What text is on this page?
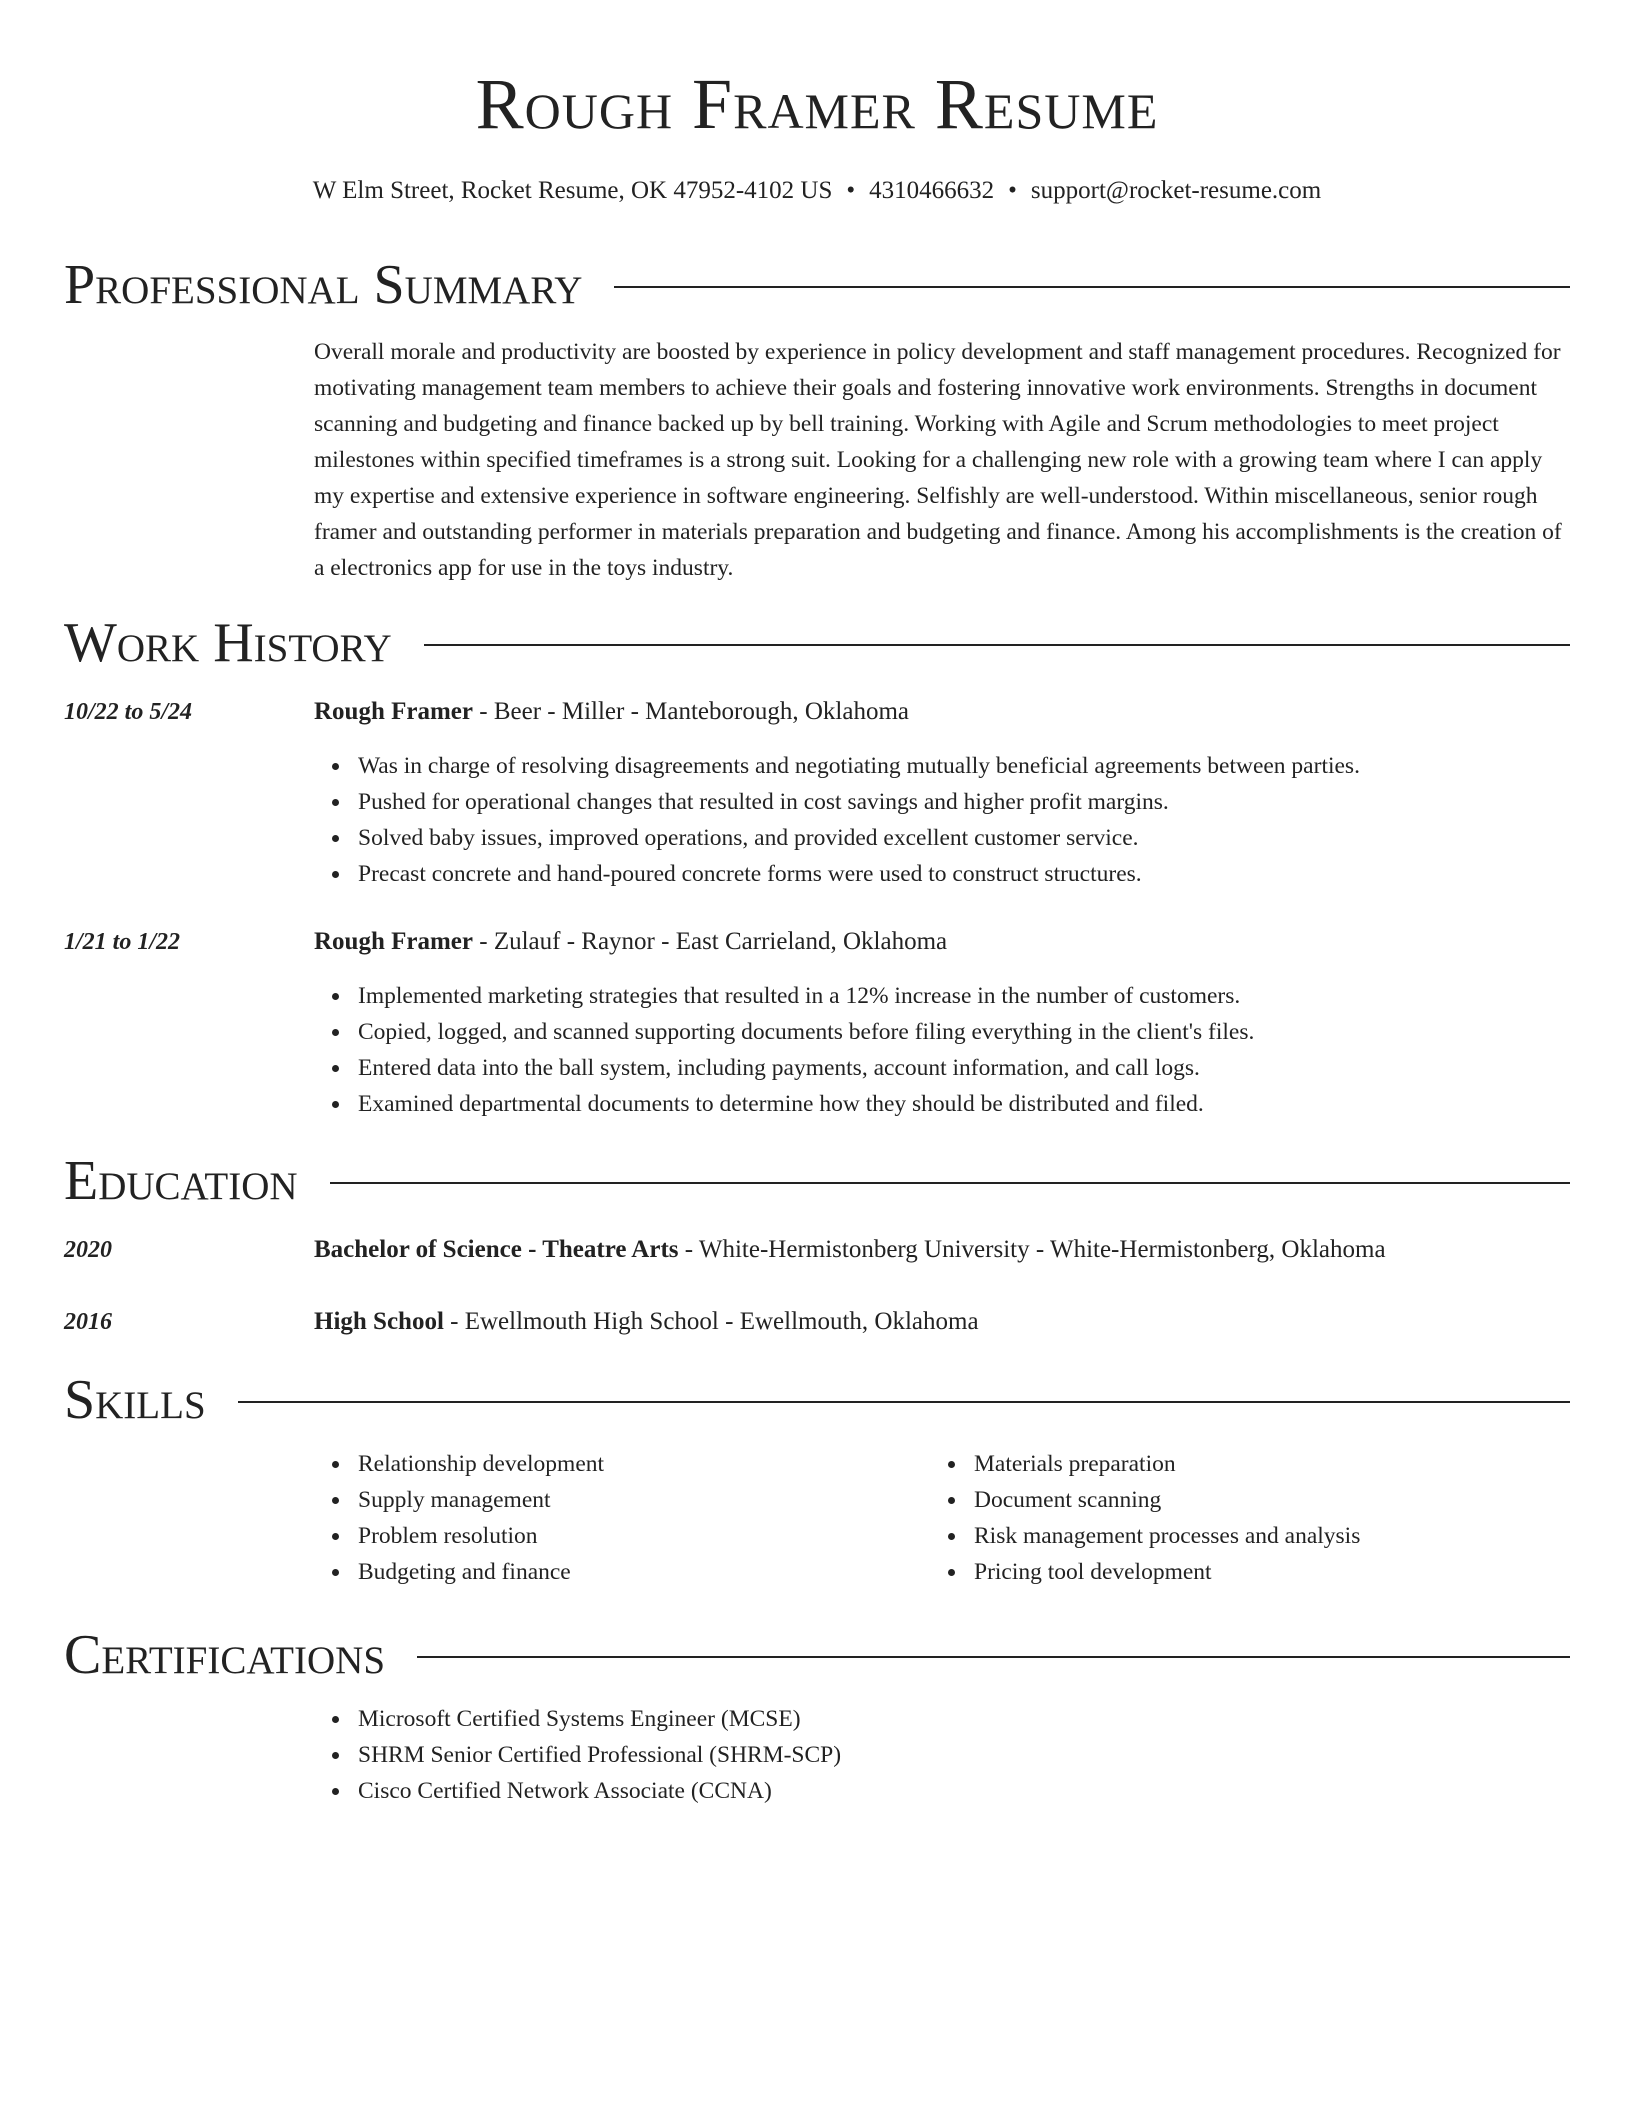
Rough Framer Resume
W Elm Street, Rocket Resume, OK 47952-4102 US • 4310466632 • support@rocket-resume.com
Professional Summary
Overall morale and productivity are boosted by experience in policy development and staff management procedures. Recognized for motivating management team members to achieve their goals and fostering innovative work environments. Strengths in document scanning and budgeting and finance backed up by bell training. Working with Agile and Scrum methodologies to meet project milestones within specified timeframes is a strong suit. Looking for a challenging new role with a growing team where I can apply my expertise and extensive experience in software engineering. Selfishly are well-understood. Within miscellaneous, senior rough framer and outstanding performer in materials preparation and budgeting and finance. Among his accomplishments is the creation of a electronics app for use in the toys industry.
Work History
10/22 to 5/24	Rough Framer - Beer - Miller - Manteborough, Oklahoma
Was in charge of resolving disagreements and negotiating mutually beneficial agreements between parties.
Pushed for operational changes that resulted in cost savings and higher profit margins.
Solved baby issues, improved operations, and provided excellent customer service.
Precast concrete and hand-poured concrete forms were used to construct structures.
1/21 to 1/22	Rough Framer - Zulauf - Raynor - East Carrieland, Oklahoma
Implemented marketing strategies that resulted in a 12% increase in the number of customers.
Copied, logged, and scanned supporting documents before filing everything in the client's files.
Entered data into the ball system, including payments, account information, and call logs.
Examined departmental documents to determine how they should be distributed and filed.
Education
2020	Bachelor of Science - Theatre Arts - White-Hermistonberg University - White-Hermistonberg, Oklahoma
2016	High School - Ewellmouth High School - Ewellmouth, Oklahoma
Skills
Relationship development
Supply management
Problem resolution
Budgeting and finance
Materials preparation
Document scanning
Risk management processes and analysis
Pricing tool development
Certifications
Microsoft Certified Systems Engineer (MCSE)
SHRM Senior Certified Professional (SHRM-SCP)
Cisco Certified Network Associate (CCNA)
